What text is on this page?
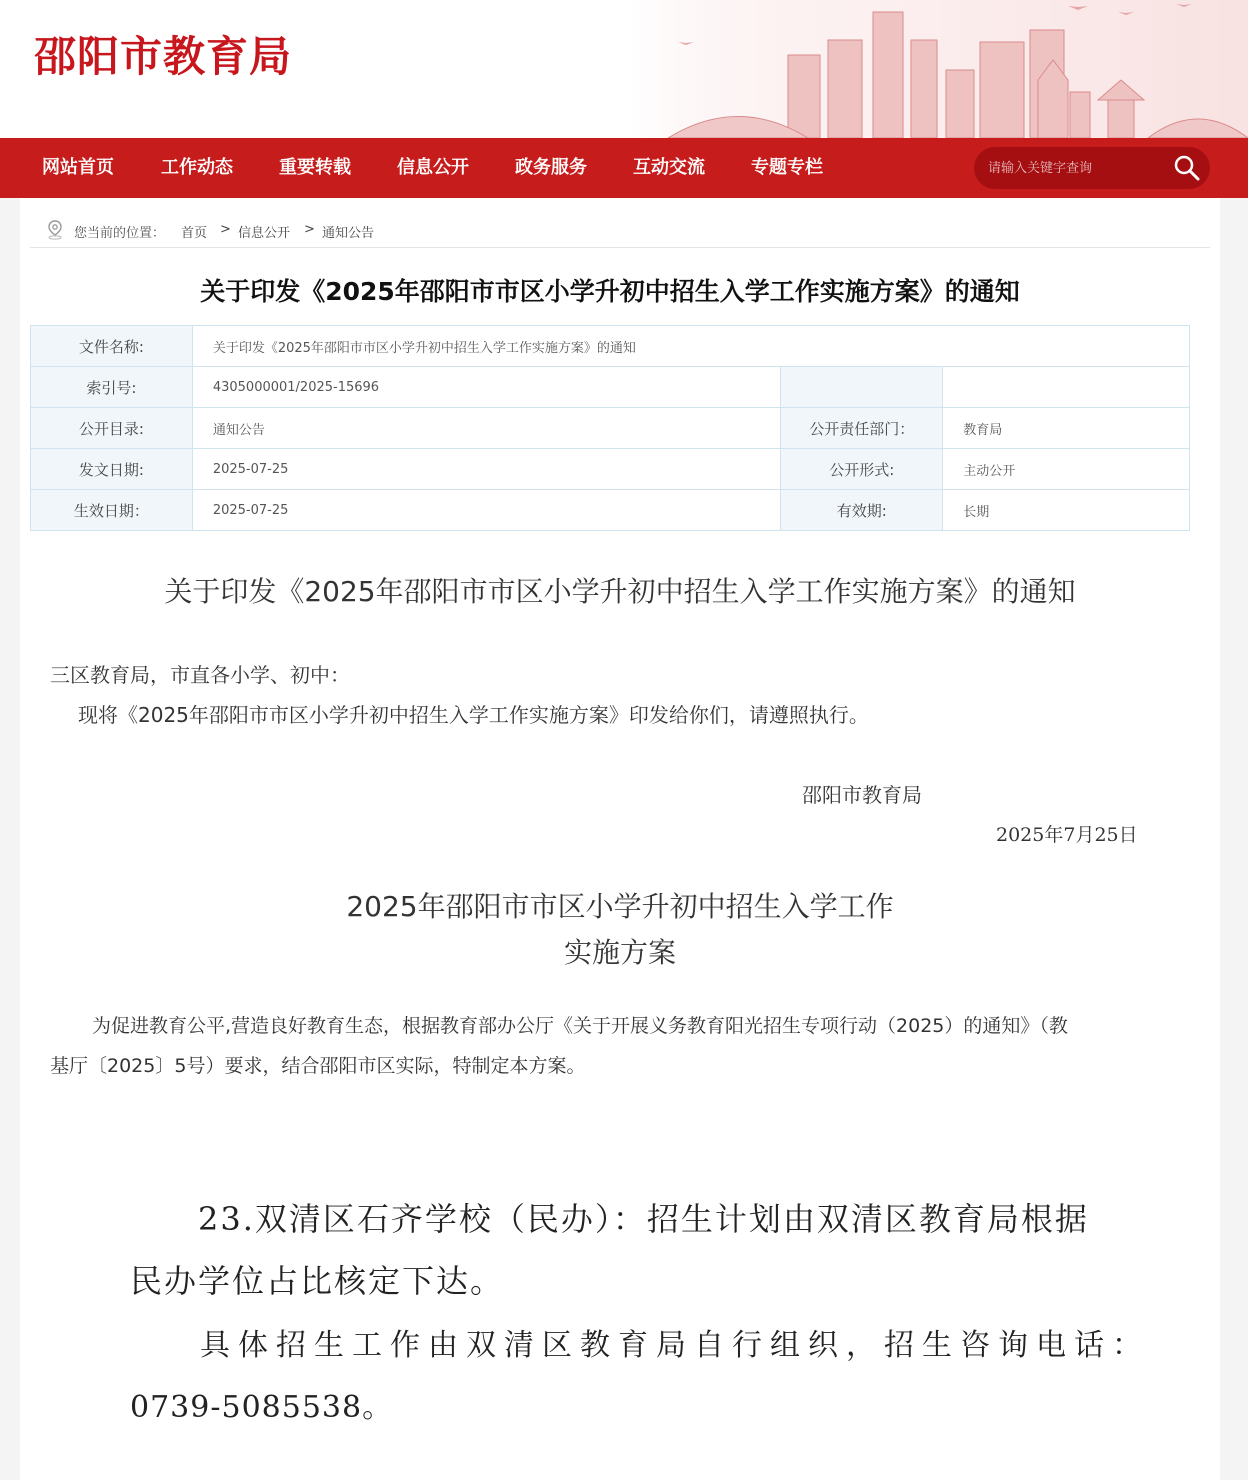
邵阳市教育局
网站首页	工作动态	重要转载	信息公开	政务服务	互动交流	专题专栏
请输入关键字查询
您当前的位置： 首页 > 信息公开 > 通知公告
关于印发《2025年邵阳市市区小学升初中招生入学工作实施方案》的通知
文件名称:	关于印发《2025年邵阳市市区小学升初中招生入学工作实施方案》的通知		
索引号:	4305000001/2025-15696		
公开目录:	通知公告	公开责任部门：	教育局
发文日期:	2025-07-25	公开形式:	主动公开
生效日期：	2025-07-25	有效期:	长期
关于印发《2025年邵阳市市区小学升初中招生入学工作实施方案》的通知
三区教育局，市直各小学、初中：
现将《2025年邵阳市市区小学升初中招生入学工作实施方案》印发给你们，请遵照执行。
邵阳市教育局
2025年7月25日
2025年邵阳市市区小学升初中招生入学工作
实施方案
为促进教育公平,营造良好教育生态，根据教育部办公厅《关于开展义务教育阳光招生专项行动（2025）的通知》（教
基厅〔2025〕5号）要求，结合邵阳市区实际，特制定本方案。
23.双清区石齐学校（民办）：招生计划由双清区教育局根据
民办学位占比核定下达。
具体招生工作由双清区教育局自行组织，招生咨询电话：
0739-5085538。
